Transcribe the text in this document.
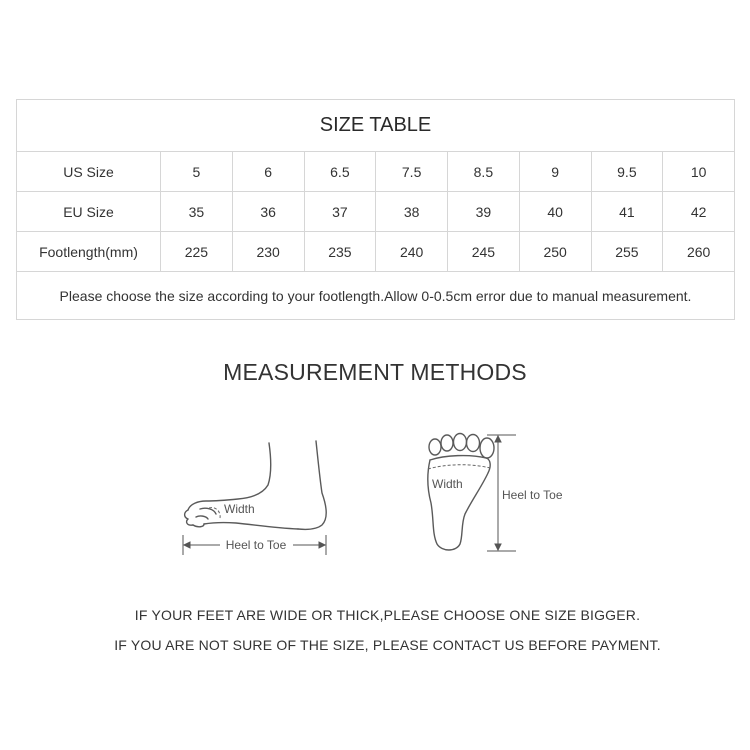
SIZE TABLE								
US Size	5	6	6.5	7.5	8.5	9	9.5	10
EU Size	35	36	37	38	39	40	41	42
Footlength(mm)	225	230	235	240	245	250	255	260
Please choose the size according to your footlength.Allow 0-0.5cm error due to manual measurement.								
MEASUREMENT METHODS
Width
Heel to Toe
Width
Heel to Toe
IF YOUR FEET ARE WIDE OR THICK,PLEASE CHOOSE ONE SIZE BIGGER.
IF YOU ARE NOT SURE OF THE SIZE, PLEASE CONTACT US BEFORE PAYMENT.
